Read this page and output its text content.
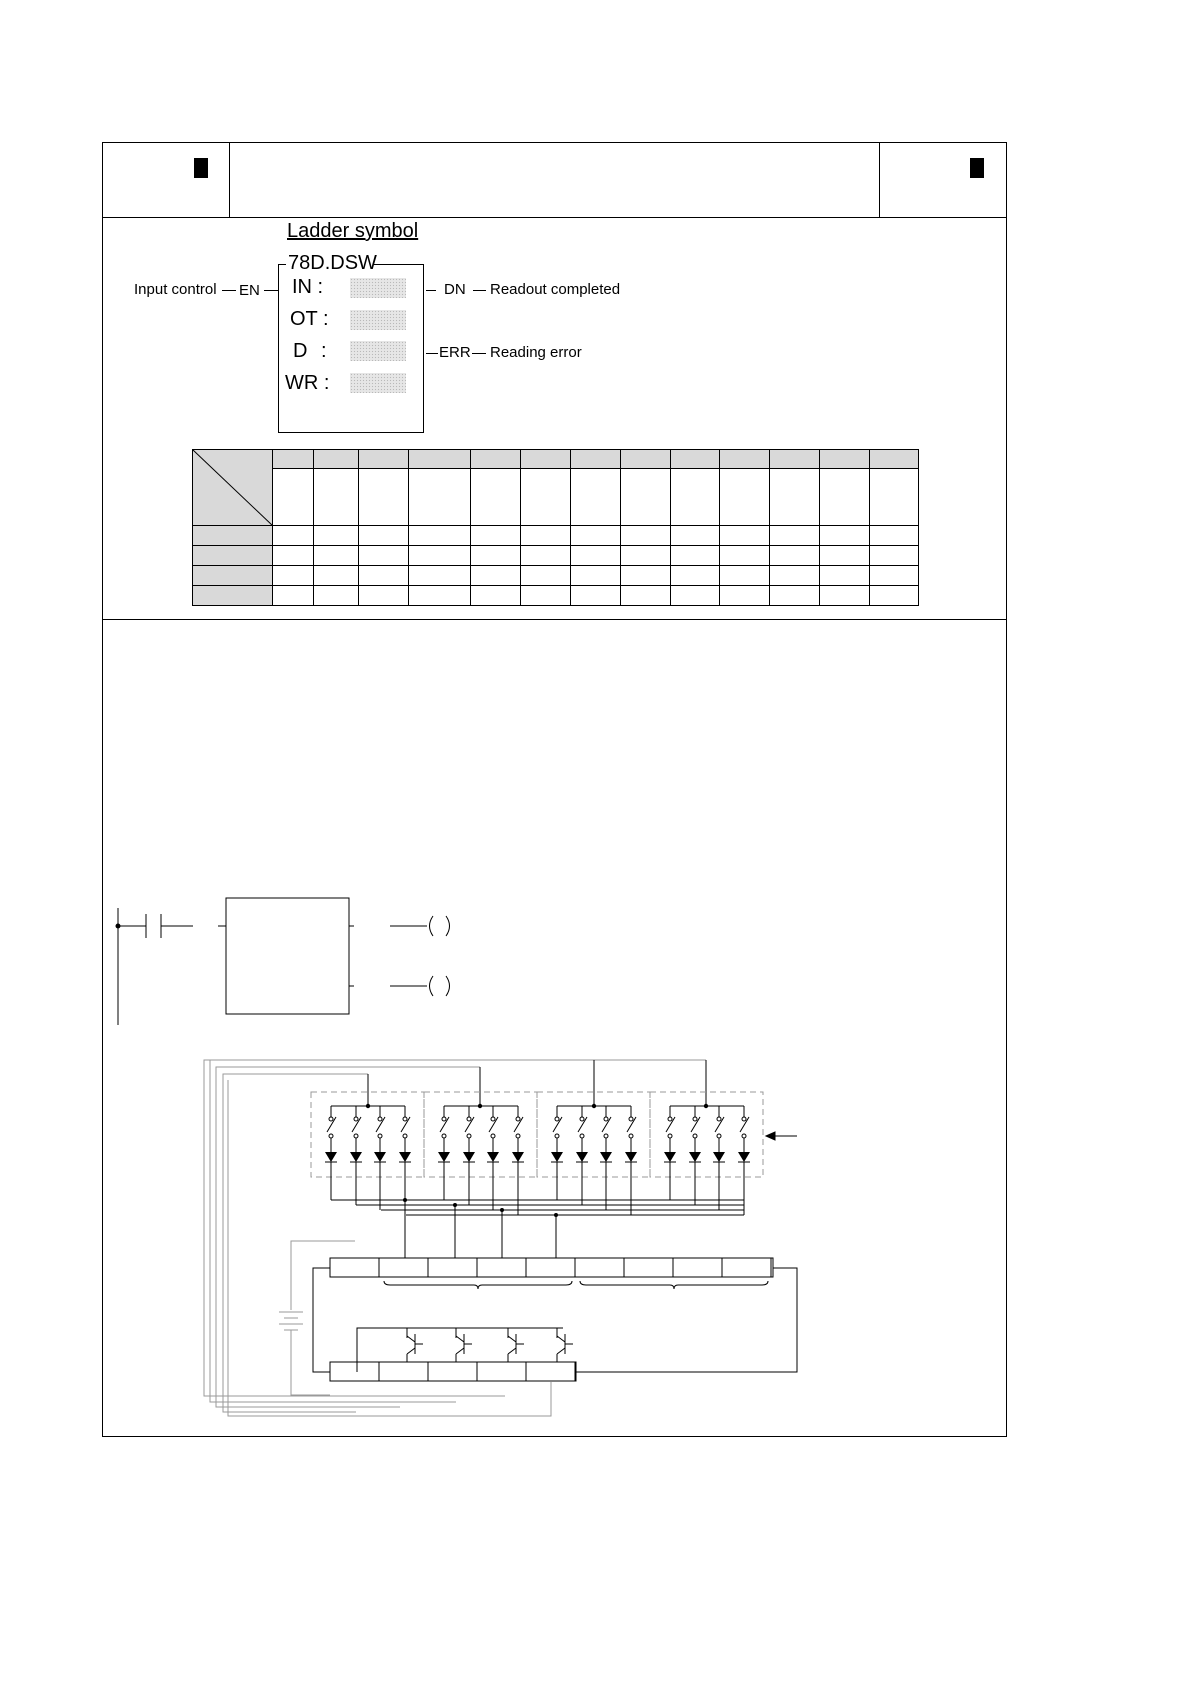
Ladder symbol
78D.DSW
IN :
OT :
D :
WR :
Input control EN	DN Readout completed
ERR Reading error
